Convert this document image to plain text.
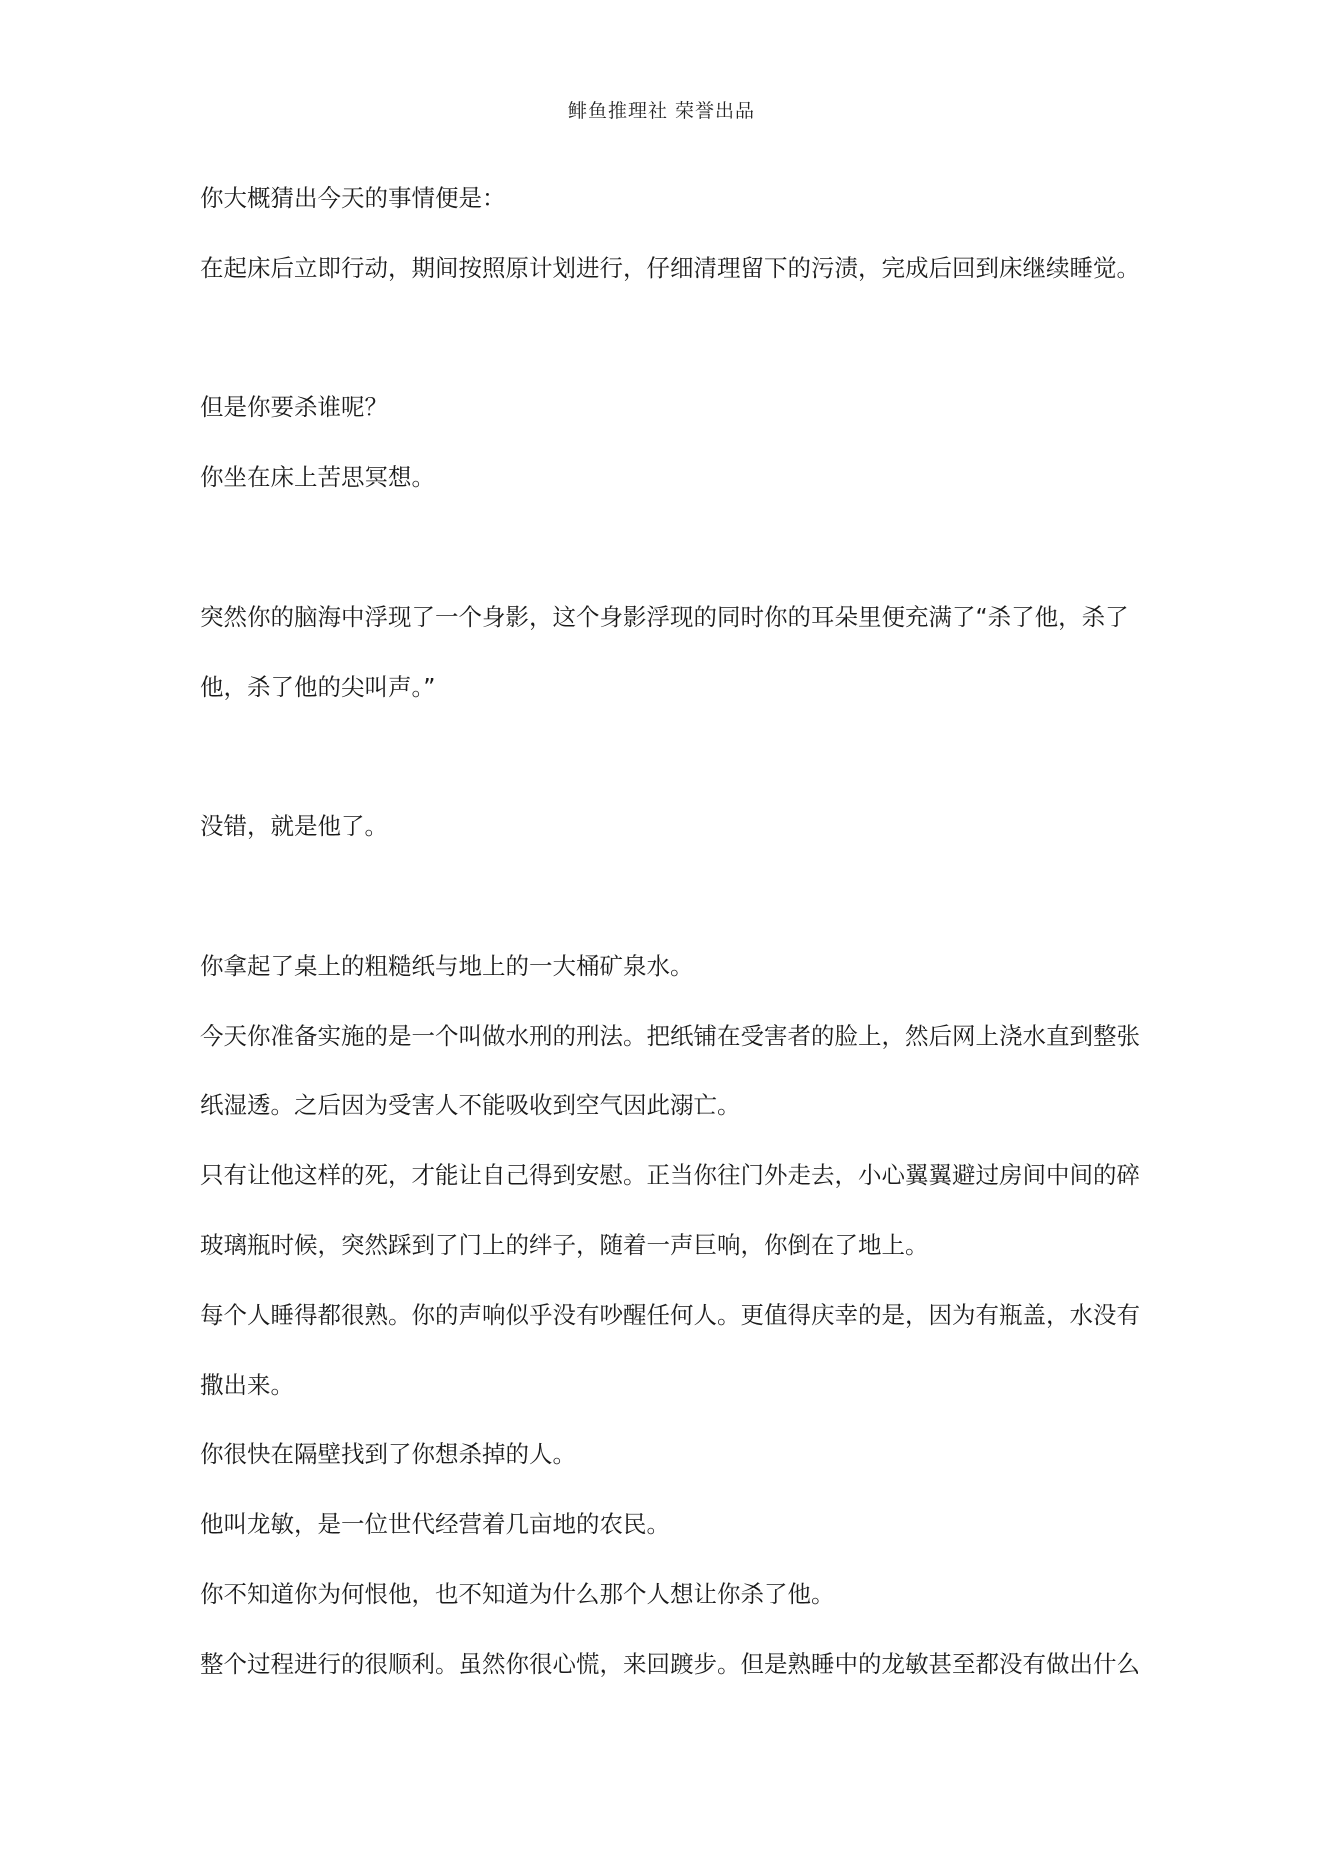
鲱鱼推理社 荣誉出品
你大概猜出今天的事情便是：
在起床后立即行动，期间按照原计划进行，仔细清理留下的污渍，完成后回到床继续睡觉。
但是你要杀谁呢？
你坐在床上苦思冥想。
突然你的脑海中浮现了一个身影，这个身影浮现的同时你的耳朵里便充满了“杀了他，杀了
他，杀了他的尖叫声。”
没错，就是他了。
你拿起了桌上的粗糙纸与地上的一大桶矿泉水。
今天你准备实施的是一个叫做水刑的刑法。把纸铺在受害者的脸上，然后网上浇水直到整张
纸湿透。之后因为受害人不能吸收到空气因此溺亡。
只有让他这样的死，才能让自己得到安慰。正当你往门外走去，小心翼翼避过房间中间的碎
玻璃瓶时候，突然踩到了门上的绊子，随着一声巨响，你倒在了地上。
每个人睡得都很熟。你的声响似乎没有吵醒任何人。更值得庆幸的是，因为有瓶盖，水没有
撒出来。
你很快在隔壁找到了你想杀掉的人。
他叫龙敏，是一位世代经营着几亩地的农民。
你不知道你为何恨他，也不知道为什么那个人想让你杀了他。
整个过程进行的很顺利。虽然你很心慌，来回踱步。但是熟睡中的龙敏甚至都没有做出什么
